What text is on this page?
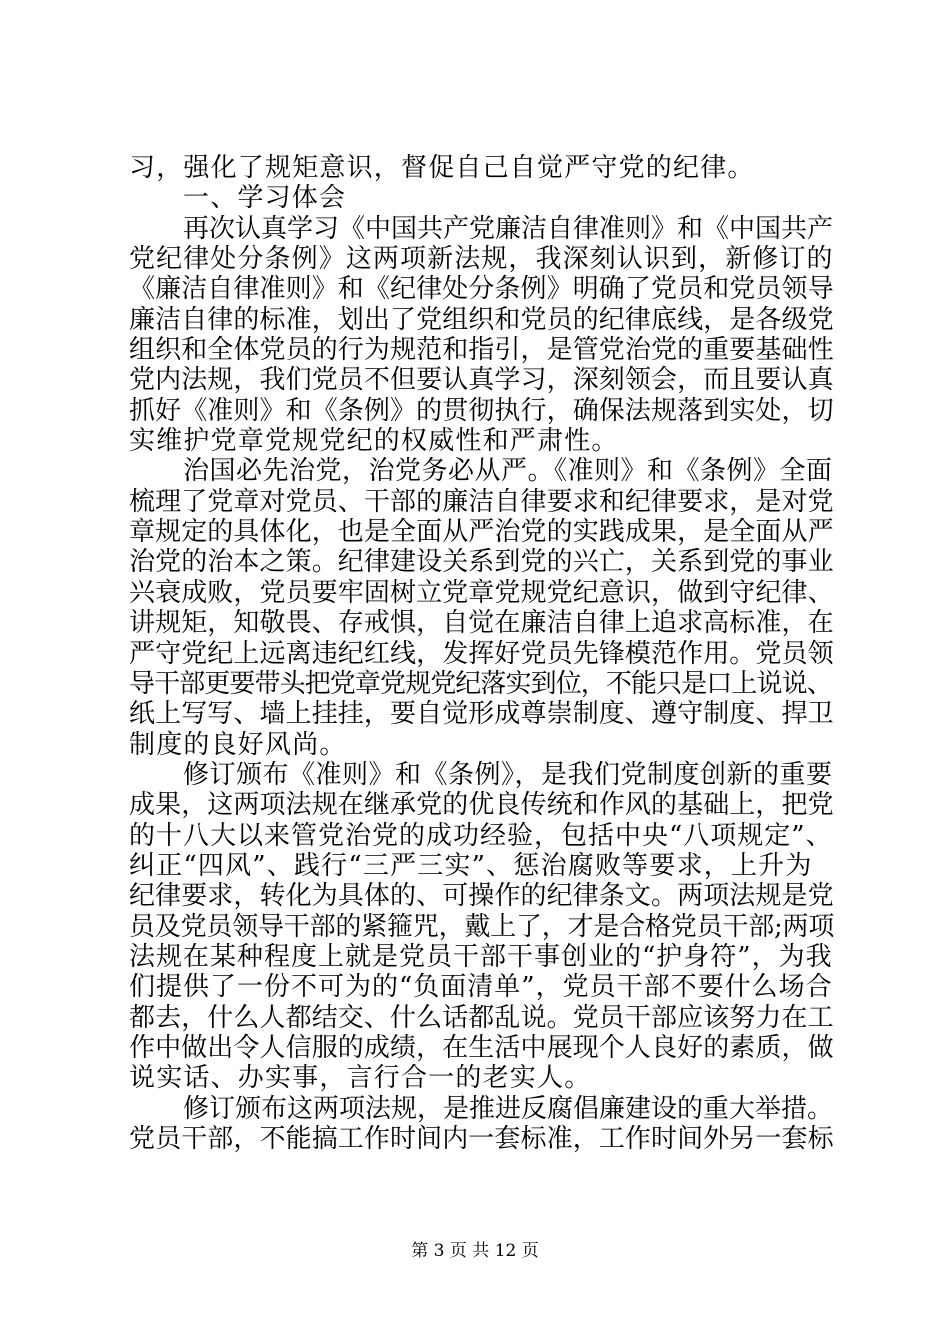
习，强化了规矩意识，督促自己自觉严守党的纪律。
一、学习体会
再次认真学习《中国共产党廉洁自律准则》和《中国共产
党纪律处分条例》这两项新法规，我深刻认识到，新修订的
《廉洁自律准则》和《纪律处分条例》明确了党员和党员领导
廉洁自律的标准，划出了党组织和党员的纪律底线，是各级党
组织和全体党员的行为规范和指引，是管党治党的重要基础性
党内法规，我们党员不但要认真学习，深刻领会，而且要认真
抓好《准则》和《条例》的贯彻执行，确保法规落到实处，切
实维护党章党规党纪的权威性和严肃性。
治国必先治党，治党务必从严。《准则》和《条例》全面
梳理了党章对党员、干部的廉洁自律要求和纪律要求，是对党
章规定的具体化，也是全面从严治党的实践成果，是全面从严
治党的治本之策。纪律建设关系到党的兴亡，关系到党的事业
兴衰成败，党员要牢固树立党章党规党纪意识，做到守纪律、
讲规矩，知敬畏、存戒惧，自觉在廉洁自律上追求高标准，在
严守党纪上远离违纪红线，发挥好党员先锋模范作用。党员领
导干部更要带头把党章党规党纪落实到位，不能只是口上说说、
纸上写写、墙上挂挂，要自觉形成尊崇制度、遵守制度、捍卫
制度的良好风尚。
修订颁布《准则》和《条例》，是我们党制度创新的重要
成果，这两项法规在继承党的优良传统和作风的基础上，把党
的十八大以来管党治党的成功经验，包括中央“八项规定”、
纠正“四风”、践行“三严三实”、惩治腐败等要求，上升为
纪律要求，转化为具体的、可操作的纪律条文。两项法规是党
员及党员领导干部的紧箍咒，戴上了，才是合格党员干部;两项
法规在某种程度上就是党员干部干事创业的“护身符”，为我
们提供了一份不可为的“负面清单”，党员干部不要什么场合
都去，什么人都结交、什么话都乱说。党员干部应该努力在工
作中做出令人信服的成绩，在生活中展现个人良好的素质，做
说实话、办实事，言行合一的老实人。
修订颁布这两项法规，是推进反腐倡廉建设的重大举措。
党员干部，不能搞工作时间内一套标准，工作时间外另一套标
第 3 页 共 12 页
